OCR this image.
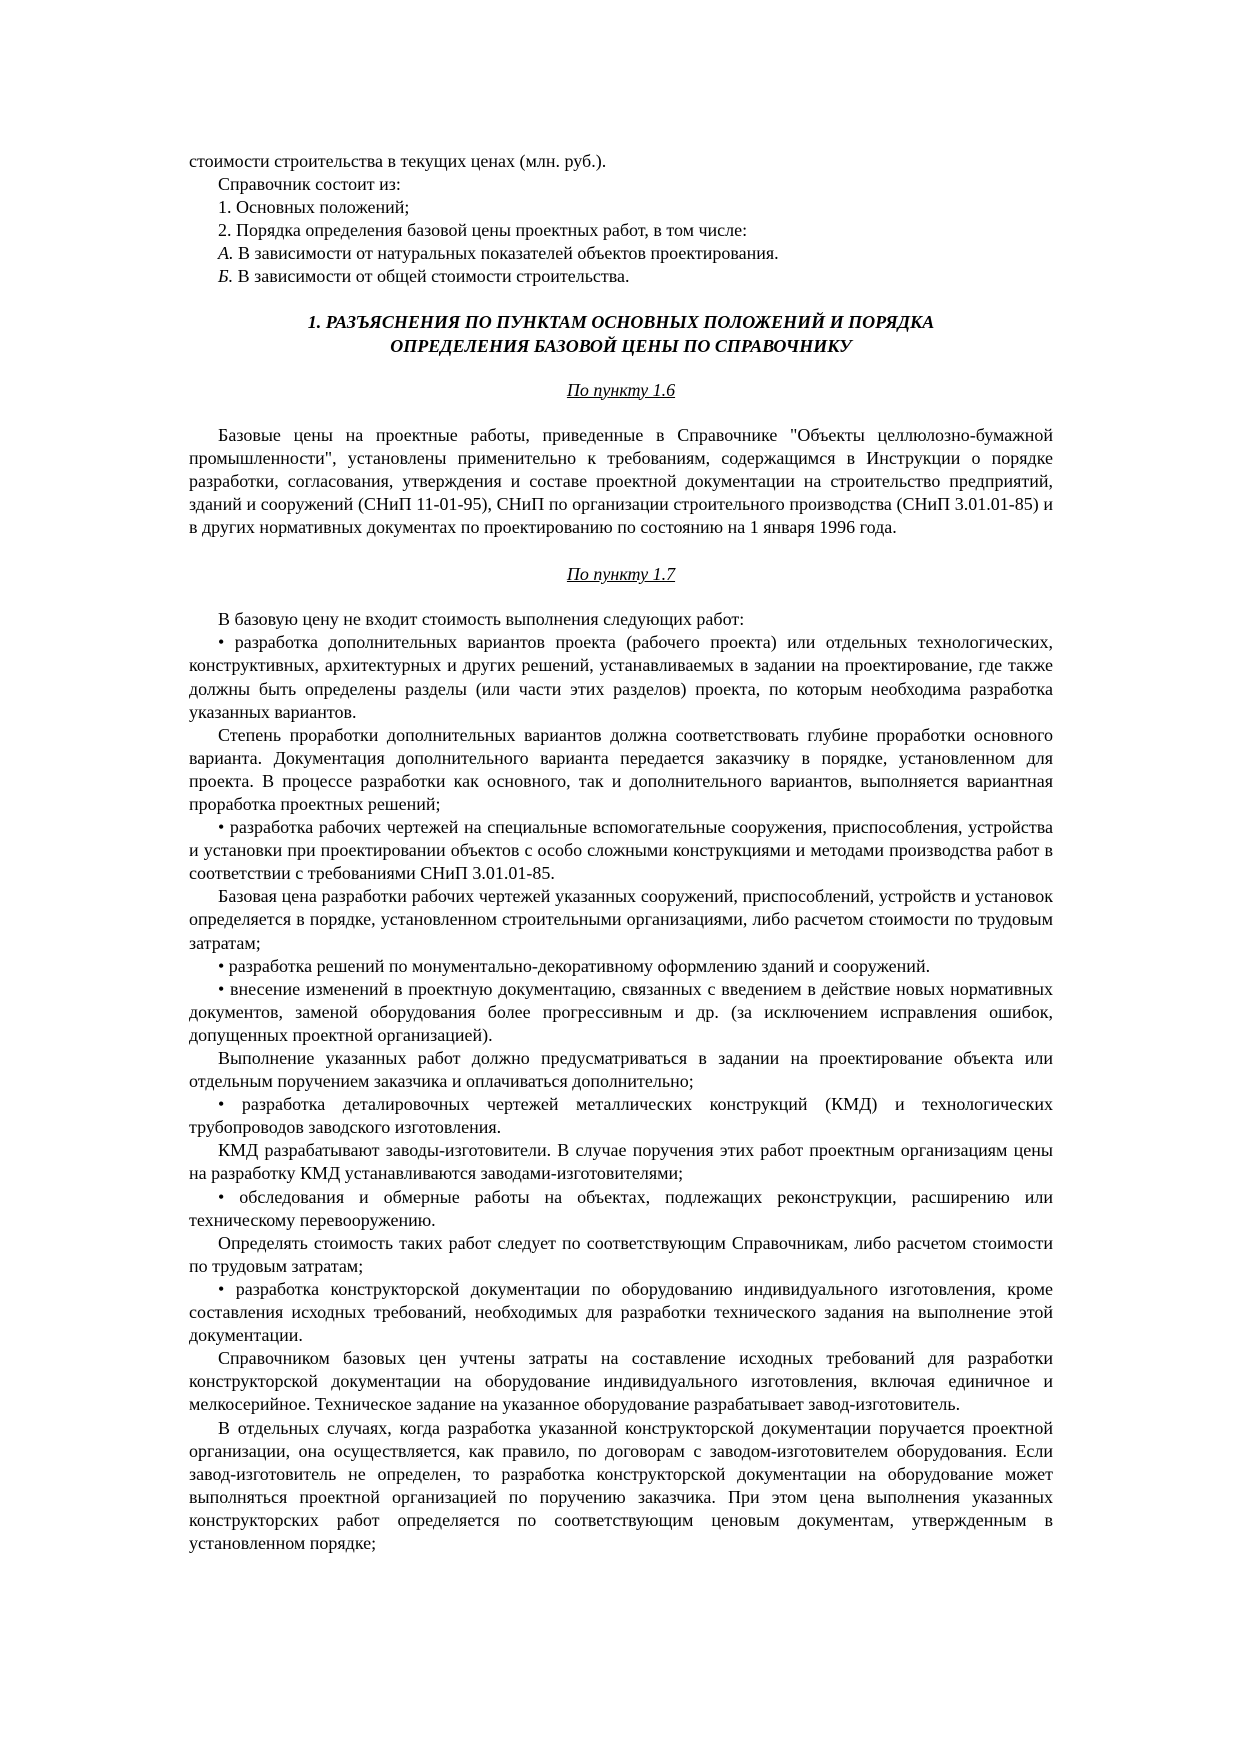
стоимости строительства в текущих ценах (млн. руб.).

Справочник состоит из:

1. Основных положений;

2. Порядка определения базовой цены проектных работ, в том числе:

А. В зависимости от натуральных показателей объектов проектирования.

Б. В зависимости от общей стоимости строительства.

1. РАЗЪЯСНЕНИЯ ПО ПУНКТАМ ОСНОВНЫХ ПОЛОЖЕНИЙ И ПОРЯДКА
ОПРЕДЕЛЕНИЯ БАЗОВОЙ ЦЕНЫ ПО СПРАВОЧНИКУ

По пункту 1.6

Базовые цены на проектные работы, приведенные в Справочнике "Объекты целлюлозно-бумажной промышленности", установлены применительно к требованиям, содержащимся в Инструкции о порядке разработки, согласования, утверждения и составе проектной документации на строительство предприятий, зданий и сооружений (СНиП 11-01-95), СНиП по организации строительного производства (СНиП 3.01.01-85) и в других нормативных документах по проектированию по состоянию на 1 января 1996 года.

По пункту 1.7

В базовую цену не входит стоимость выполнения следующих работ:

• разработка дополнительных вариантов проекта (рабочего проекта) или отдельных технологических, конструктивных, архитектурных и других решений, устанавливаемых в задании на проектирование, где также должны быть определены разделы (или части этих разделов) проекта, по которым необходима разработка указанных вариантов.

Степень проработки дополнительных вариантов должна соответствовать глубине проработки основного варианта. Документация дополнительного варианта передается заказчику в порядке, установленном для проекта. В процессе разработки как основного, так и дополнительного вариантов, выполняется вариантная проработка проектных решений;

• разработка рабочих чертежей на специальные вспомогательные сооружения, приспособления, устройства и установки при проектировании объектов с особо сложными конструкциями и методами производства работ в соответствии с требованиями СНиП 3.01.01-85.

Базовая цена разработки рабочих чертежей указанных сооружений, приспособлений, устройств и установок определяется в порядке, установленном строительными организациями, либо расчетом стоимости по трудовым затратам;

• разработка решений по монументально-декоративному оформлению зданий и сооружений.

• внесение изменений в проектную документацию, связанных с введением в действие новых нормативных документов, заменой оборудования более прогрессивным и др. (за исключением исправления ошибок, допущенных проектной организацией).

Выполнение указанных работ должно предусматриваться в задании на проектирование объекта или отдельным поручением заказчика и оплачиваться дополнительно;

• разработка деталировочных чертежей металлических конструкций (КМД) и технологических трубопроводов заводского изготовления.

КМД разрабатывают заводы-изготовители. В случае поручения этих работ проектным организациям цены на разработку КМД устанавливаются заводами-изготовителями;

• обследования и обмерные работы на объектах, подлежащих реконструкции, расширению или техническому перевооружению.

Определять стоимость таких работ следует по соответствующим Справочникам, либо расчетом стоимости по трудовым затратам;

• разработка конструкторской документации по оборудованию индивидуального изготовления, кроме составления исходных требований, необходимых для разработки технического задания на выполнение этой документации.

Справочником базовых цен учтены затраты на составление исходных требований для разработки конструкторской документации на оборудование индивидуального изготовления, включая единичное и мелкосерийное. Техническое задание на указанное оборудование разрабатывает завод-изготовитель.

В отдельных случаях, когда разработка указанной конструкторской документации поручается проектной организации, она осуществляется, как правило, по договорам с заводом-изготовителем оборудования. Если завод-изготовитель не определен, то разработка конструкторской документации на оборудование может выполняться проектной организацией по поручению заказчика. При этом цена выполнения указанных конструкторских работ определяется по соответствующим ценовым документам, утвержденным в установленном порядке;
